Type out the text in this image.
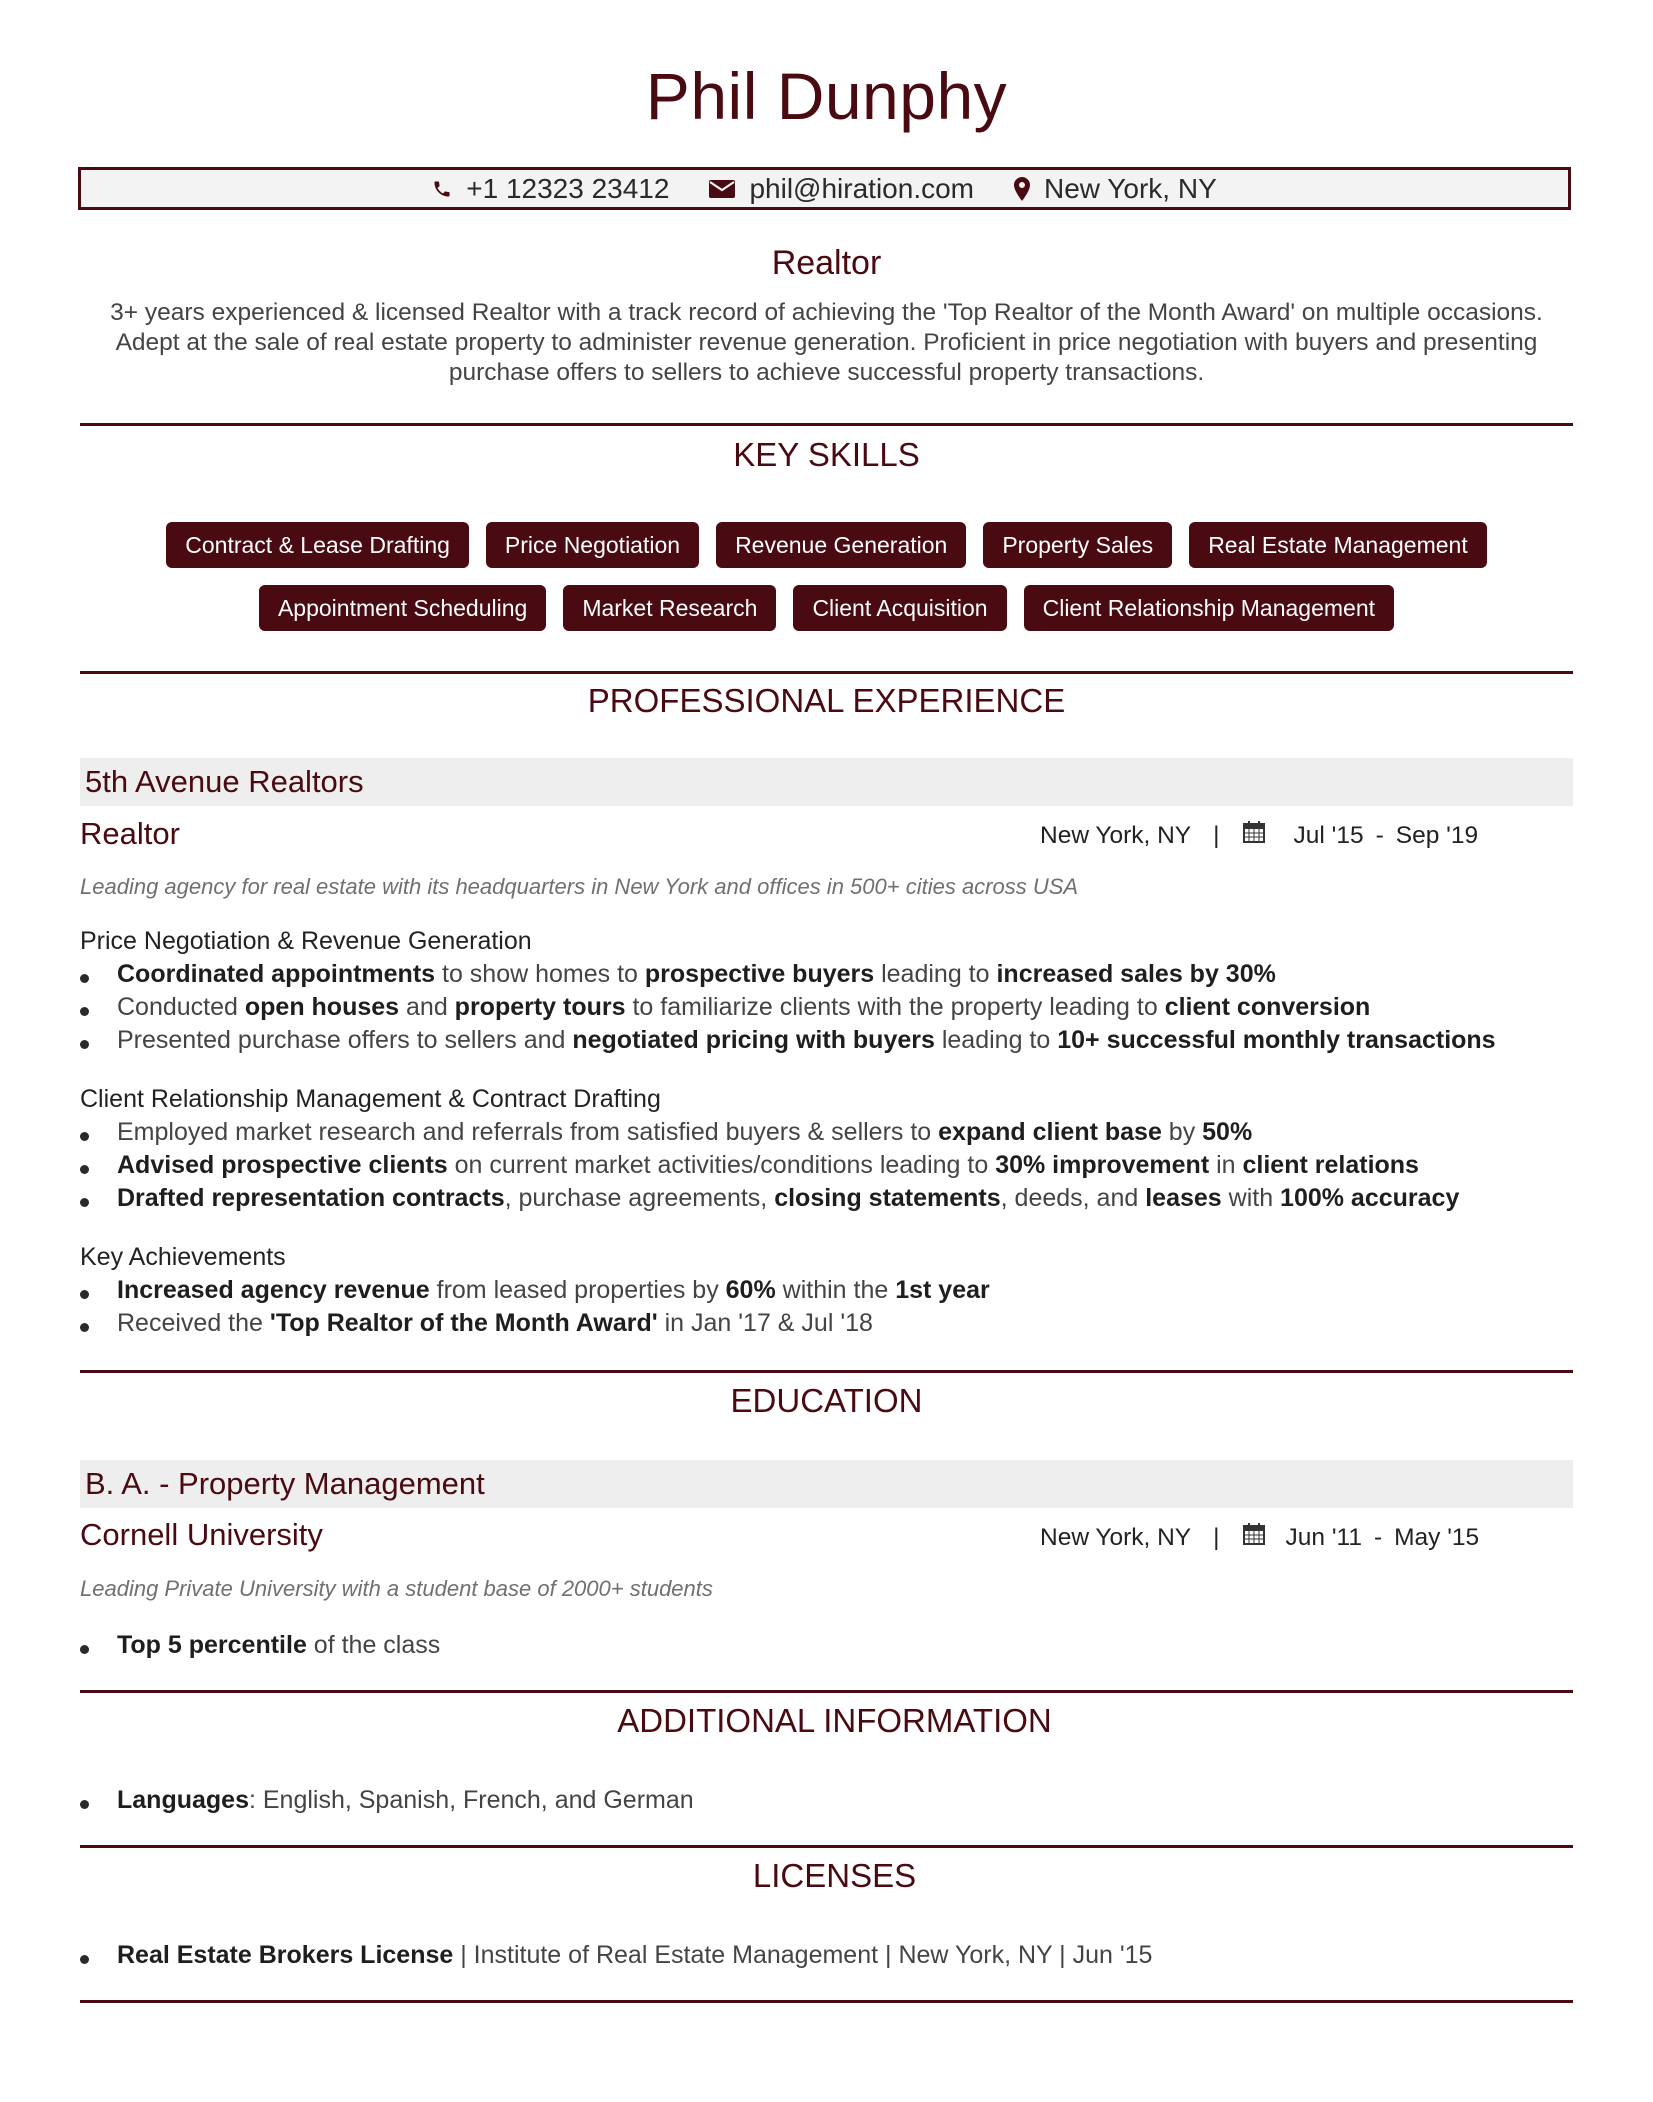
Phil Dunphy
+1 12323 23412	phil@hiration.com	New York, NY
Realtor
3+ years experienced & licensed Realtor with a track record of achieving the 'Top Realtor of the Month Award' on multiple occasions. Adept at the sale of real estate property to administer revenue generation. Proficient in price negotiation with buyers and presenting purchase offers to sellers to achieve successful property transactions.
KEY SKILLS
Contract & Lease Drafting	Price Negotiation	Revenue Generation	Property Sales	Real Estate Management
Appointment Scheduling	Market Research	Client Acquisition	Client Relationship Management
PROFESSIONAL EXPERIENCE
5th Avenue Realtors
Realtor	New York, NY |	Jul '15 - Sep '19
Leading agency for real estate with its headquarters in New York and offices in 500+ cities across USA
Price Negotiation & Revenue Generation
Coordinated appointments to show homes to prospective buyers leading to increased sales by 30%
Conducted open houses and property tours to familiarize clients with the property leading to client conversion
Presented purchase offers to sellers and negotiated pricing with buyers leading to 10+ successful monthly transactions
Client Relationship Management & Contract Drafting
Employed market research and referrals from satisfied buyers & sellers to expand client base by 50%
Advised prospective clients on current market activities/conditions leading to 30% improvement in client relations
Drafted representation contracts, purchase agreements, closing statements, deeds, and leases with 100% accuracy
Key Achievements
Increased agency revenue from leased properties by 60% within the 1st year
Received the 'Top Realtor of the Month Award' in Jan '17 & Jul '18
EDUCATION
B. A. - Property Management
Cornell University	New York, NY |	Jun '11 - May '15
Leading Private University with a student base of 2000+ students
Top 5 percentile of the class
ADDITIONAL INFORMATION
Languages: English, Spanish, French, and German
LICENSES
Real Estate Brokers License | Institute of Real Estate Management | New York, NY | Jun '15
